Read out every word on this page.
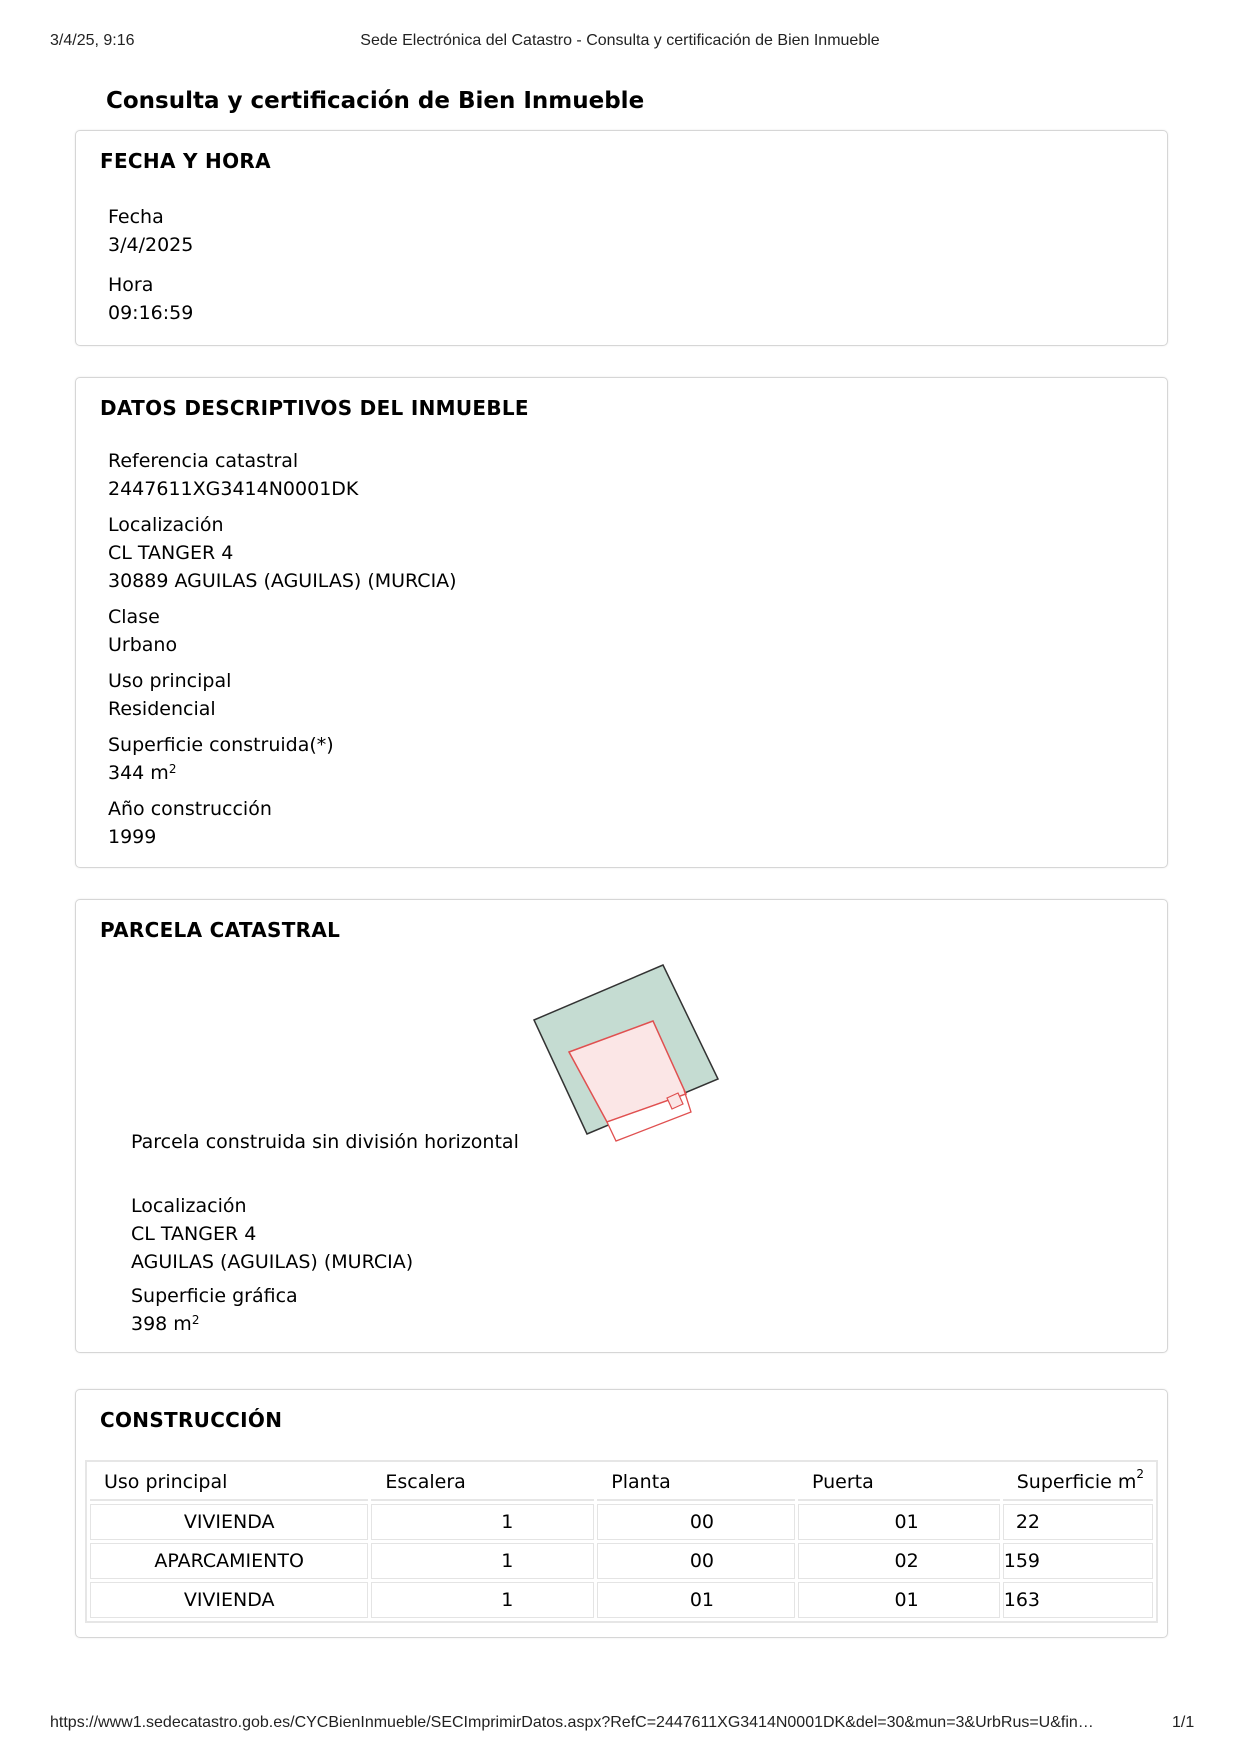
3/4/25, 9:16	Sede Electrónica del Catastro - Consulta y certificación de Bien Inmueble
Consulta y certificación de Bien Inmueble
FECHA Y HORA
Fecha
3/4/2025
Hora
09:16:59
DATOS DESCRIPTIVOS DEL INMUEBLE
Referencia catastral
2447611XG3414N0001DK
Localización
CL TANGER 4
30889 AGUILAS (AGUILAS) (MURCIA)
Clase
Urbano
Uso principal
Residencial
Superficie construida(*)
344 $m^2$
Año construcción
1999
PARCELA CATASTRAL
Parcela construida sin división horizontal
Localización
CL TANGER 4
AGUILAS (AGUILAS) (MURCIA)
Superficie gráfica
398 $m^2$
CONSTRUCCIÓN
Uso principal	Escalera	Planta	Puerta	Superficie $m^2$
VIVIENDA	1	00	01	22
APARCAMIENTO	1	00	02	159
VIVIENDA	1	01	01	163
https://www1.sedecatastro.gob.es/CYCBienInmueble/SECImprimirDatos.aspx?RefC=2447611XG3414N0001DK&del=30&mun=3&UrbRus=U&fin…	1/1
